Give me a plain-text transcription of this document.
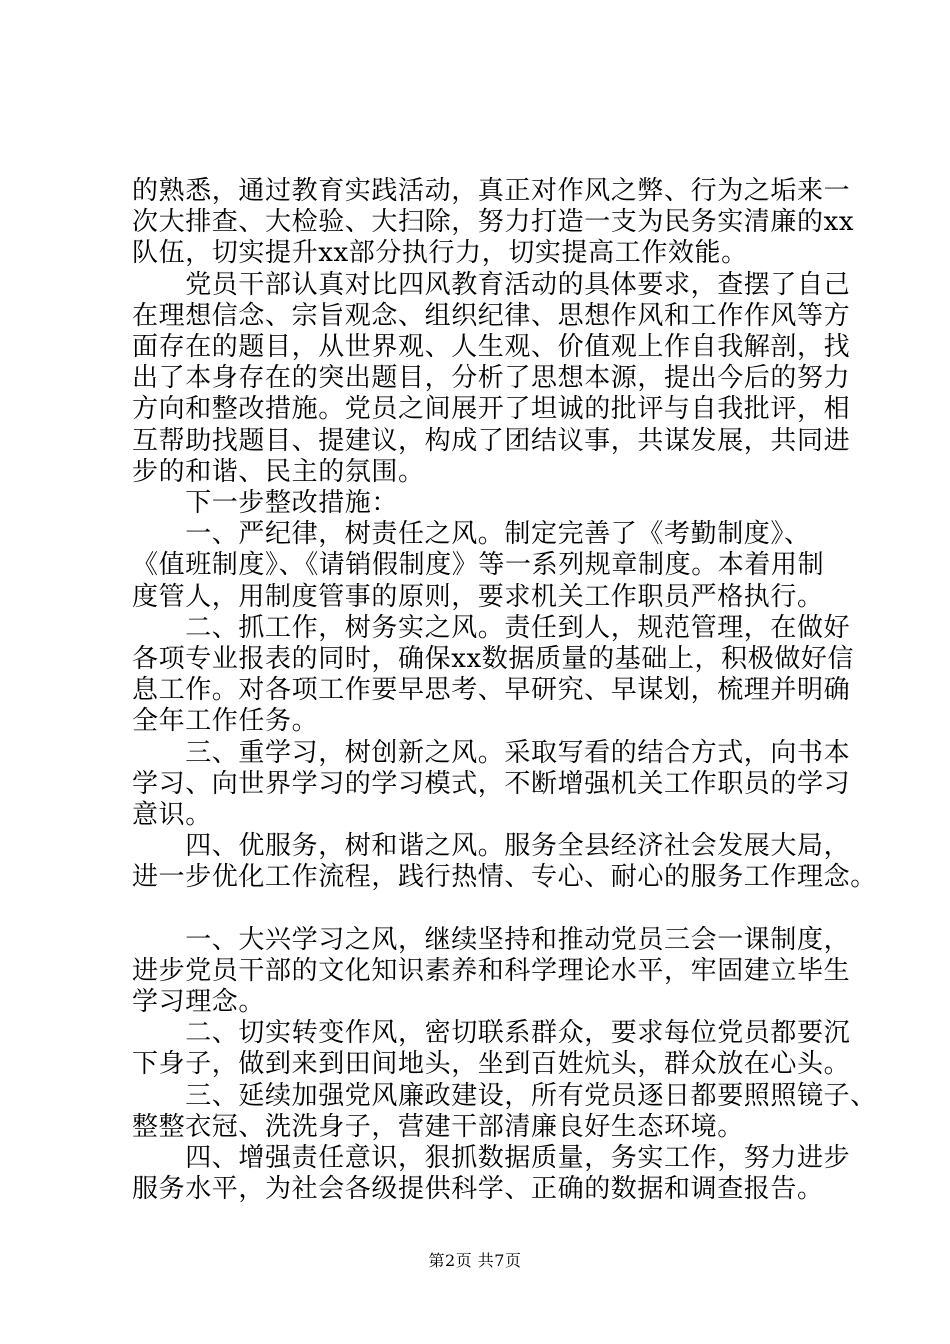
的熟悉，通过教育实践活动，真正对作风之弊、行为之垢来一
次大排查、大检验、大扫除，努力打造一支为民务实清廉的xx
队伍，切实提升xx部分执行力，切实提高工作效能。
　　党员干部认真对比四风教育活动的具体要求，查摆了自己
在理想信念、宗旨观念、组织纪律、思想作风和工作作风等方
面存在的题目，从世界观、人生观、价值观上作自我解剖，找
出了本身存在的突出题目，分析了思想本源，提出今后的努力
方向和整改措施。党员之间展开了坦诚的批评与自我批评，相
互帮助找题目、提建议，构成了团结议事，共谋发展，共同进
步的和谐、民主的氛围。
　　下一步整改措施：
　　一、严纪律，树责任之风。制定完善了《考勤制度》、
《值班制度》、《请销假制度》等一系列规章制度。本着用制
度管人，用制度管事的原则，要求机关工作职员严格执行。
　　二、抓工作，树务实之风。责任到人，规范管理，在做好
各项专业报表的同时，确保xx数据质量的基础上，积极做好信
息工作。对各项工作要早思考、早研究、早谋划，梳理并明确
全年工作任务。
　　三、重学习，树创新之风。采取写看的结合方式，向书本
学习、向世界学习的学习模式，不断增强机关工作职员的学习
意识。
　　四、优服务，树和谐之风。服务全县经济社会发展大局，
进一步优化工作流程，践行热情、专心、耐心的服务工作理念。
　　一、大兴学习之风，继续坚持和推动党员三会一课制度，
进步党员干部的文化知识素养和科学理论水平，牢固建立毕生
学习理念。
　　二、切实转变作风，密切联系群众，要求每位党员都要沉
下身子，做到来到田间地头，坐到百姓炕头，群众放在心头。
　　三、延续加强党风廉政建设，所有党员逐日都要照照镜子、
整整衣冠、洗洗身子，营建干部清廉良好生态环境。
　　四、增强责任意识，狠抓数据质量，务实工作，努力进步
服务水平，为社会各级提供科学、正确的数据和调查报告。
第2页 共7页
